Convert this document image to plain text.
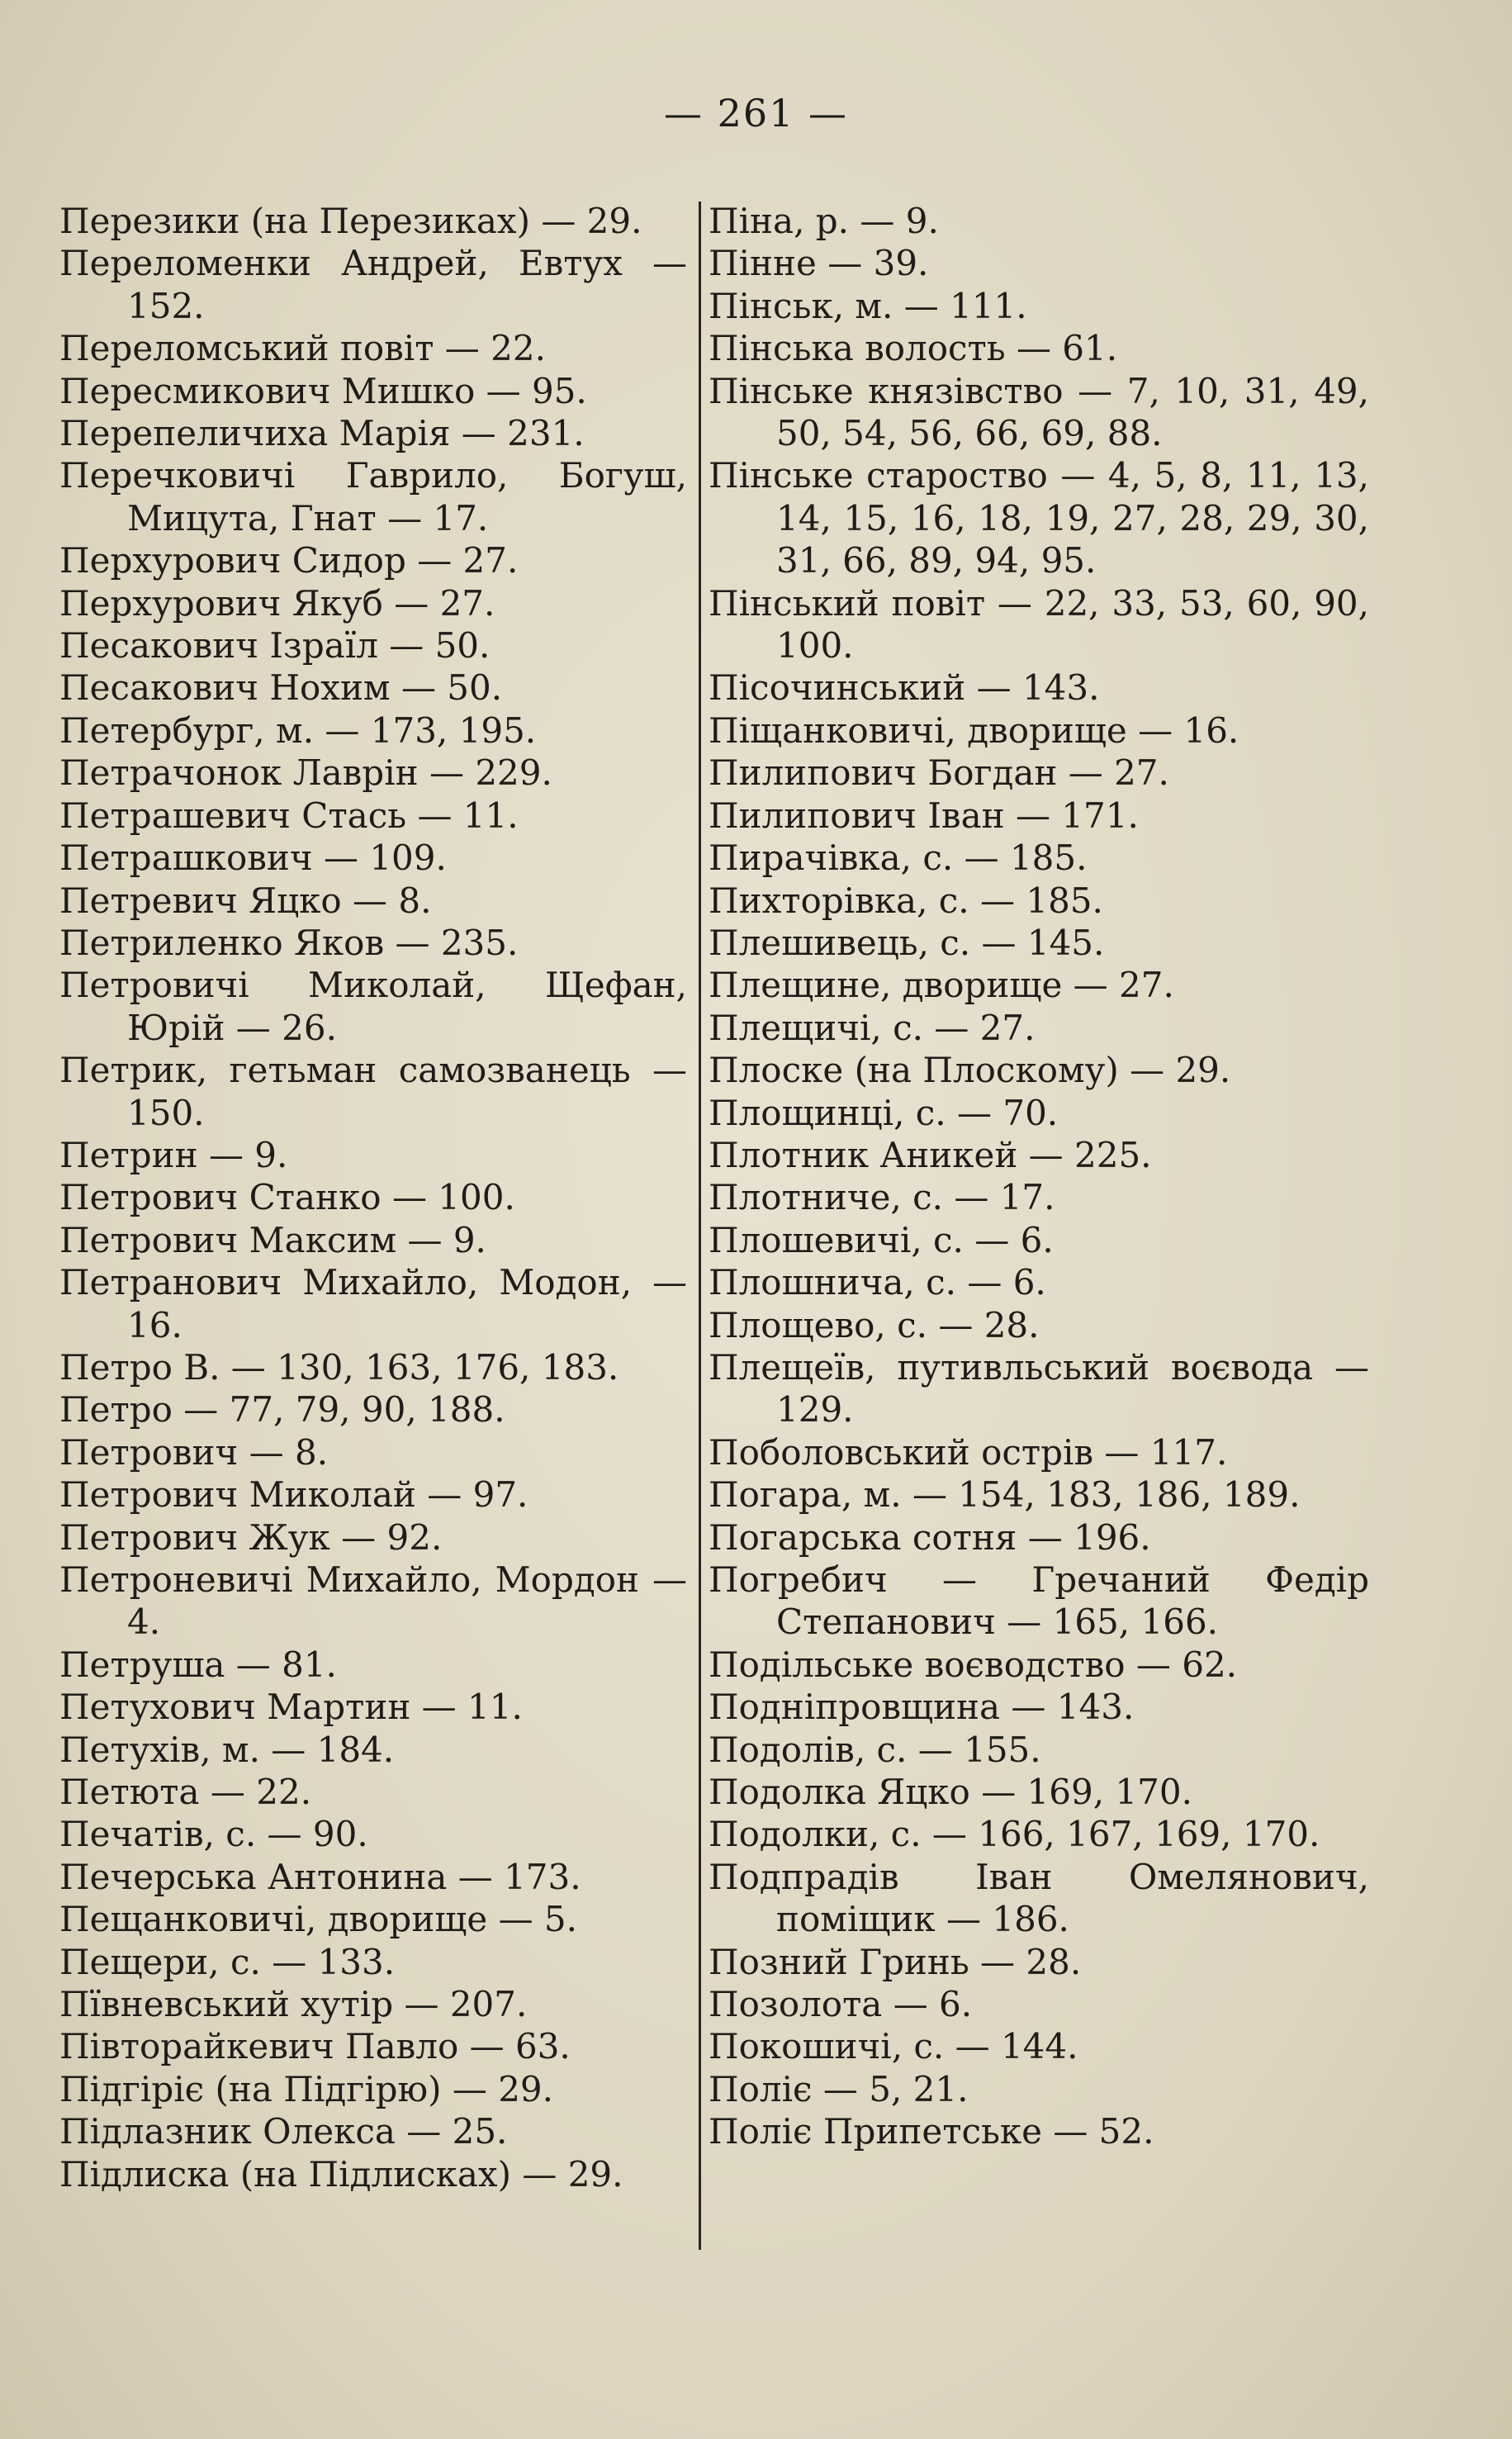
— 261 —
Перезики (на Перезиках) — 29.
Переломенки Андрей, Евтух — 152.
Переломський повіт — 22.
Пересмикович Мишко — 95.
Перепеличиха Марія — 231.
Перечковичі Гаврило, Богуш, Мицута, Гнат — 17.
Перхурович Сидор — 27.
Перхурович Якуб — 27.
Песакович Ізраїл — 50.
Песакович Нохим — 50.
Петербург, м. — 173, 195.
Петрачонок Лаврін — 229.
Петрашевич Стась — 11.
Петрашкович — 109.
Петревич Яцко — 8.
Петриленко Яков — 235.
Петровичі Миколай, Щефан, Юрій — 26.
Петрик, гетьман самозванець — 150.
Петрин — 9.
Петрович Станко — 100.
Петрович Максим — 9.
Петранович Михайло, Модон, — 16.
Петро В. — 130, 163, 176, 183.
Петро — 77, 79, 90, 188.
Петрович — 8.
Петрович Миколай — 97.
Петрович Жук — 92.
Петроневичі Михайло, Мордон — 4.
Петруша — 81.
Петухович Мартин — 11.
Петухів, м. — 184.
Петюта — 22.
Печатів, с. — 90.
Печерська Антонина — 173.
Пещанковичі, дворище — 5.
Пещери, с. — 133.
Пївневський хутір — 207.
Півторайкевич Павло — 63.
Підгіріє (на Підгірю) — 29.
Підлазник Олекса — 25.
Підлиска (на Підлисках) — 29.
Піна, р. — 9.
Пінне — 39.
Пінськ, м. — 111.
Пінська волость — 61.
Пінське князівство — 7, 10, 31, 49, 50, 54, 56, 66, 69, 88.
Пінське староство — 4, 5, 8, 11, 13, 14, 15, 16, 18, 19, 27, 28, 29, 30, 31, 66, 89, 94, 95.
Пінський повіт — 22, 33, 53, 60, 90, 100.
Пісочинський — 143.
Піщанковичі, дворище — 16.
Пилипович Богдан — 27.
Пилипович Іван — 171.
Пирачівка, с. — 185.
Пихторівка, с. — 185.
Плешивець, с. — 145.
Плещине, дворище — 27.
Плещичі, с. — 27.
Плоске (на Плоскому) — 29.
Площинці, с. — 70.
Плотник Аникей — 225.
Плотниче, с. — 17.
Плошевичі, с. — 6.
Плошнича, с. — 6.
Площево, с. — 28.
Плещеїв, путивльський воєвода — 129.
Поболовський острів — 117.
Погара, м. — 154, 183, 186, 189.
Погарська сотня — 196.
Погребич — Гречаний Федір Степанович — 165, 166.
Подільське воєводство — 62.
Подніпровщина — 143.
Подолів, с. — 155.
Подолка Яцко — 169, 170.
Подолки, с. — 166, 167, 169, 170.
Подпрадів Іван Омелянович, поміщик — 186.
Позний Гринь — 28.
Позолота — 6.
Покошичі, с. — 144.
Поліє — 5, 21.
Поліє Припетське — 52.
